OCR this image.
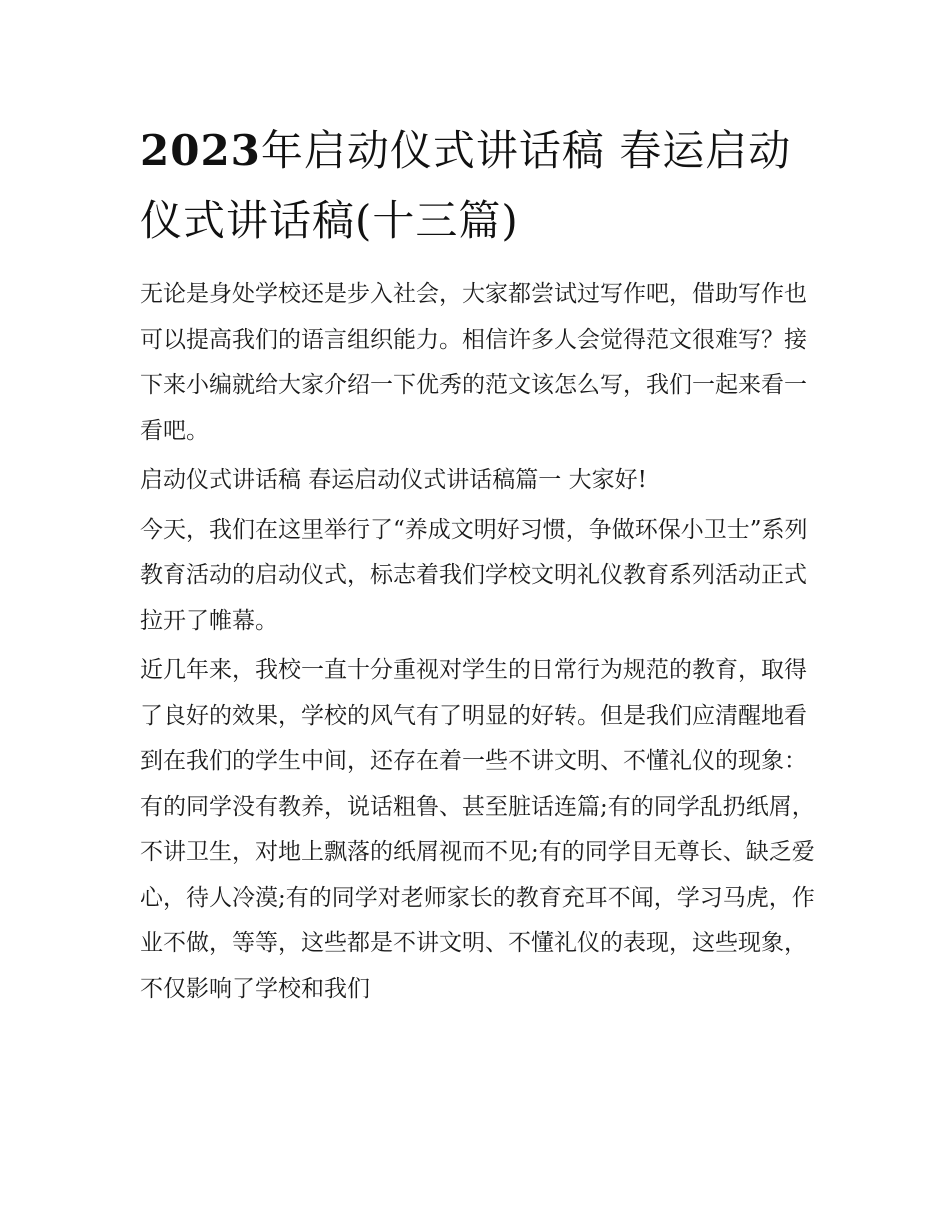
2023年启动仪式讲话稿 春运启动仪式讲话稿(十三篇)

无论是身处学校还是步入社会，大家都尝试过写作吧，借助写作也可以提高我们的语言组织能力。相信许多人会觉得范文很难写？接下来小编就给大家介绍一下优秀的范文该怎么写，我们一起来看一看吧。

启动仪式讲话稿 春运启动仪式讲话稿篇一 大家好!

今天，我们在这里举行了“养成文明好习惯，争做环保小卫士”系列教育活动的启动仪式，标志着我们学校文明礼仪教育系列活动正式拉开了帷幕。

近几年来，我校一直十分重视对学生的日常行为规范的教育，取得了良好的效果，学校的风气有了明显的好转。但是我们应清醒地看到在我们的学生中间，还存在着一些不讲文明、不懂礼仪的现象：有的同学没有教养，说话粗鲁、甚至脏话连篇;有的同学乱扔纸屑，不讲卫生，对地上飘落的纸屑视而不见;有的同学目无尊长、缺乏爱心，待人冷漠;有的同学对老师家长的教育充耳不闻，学习马虎，作业不做，等等，这些都是不讲文明、不懂礼仪的表现，这些现象，不仅影响了学校和我们
